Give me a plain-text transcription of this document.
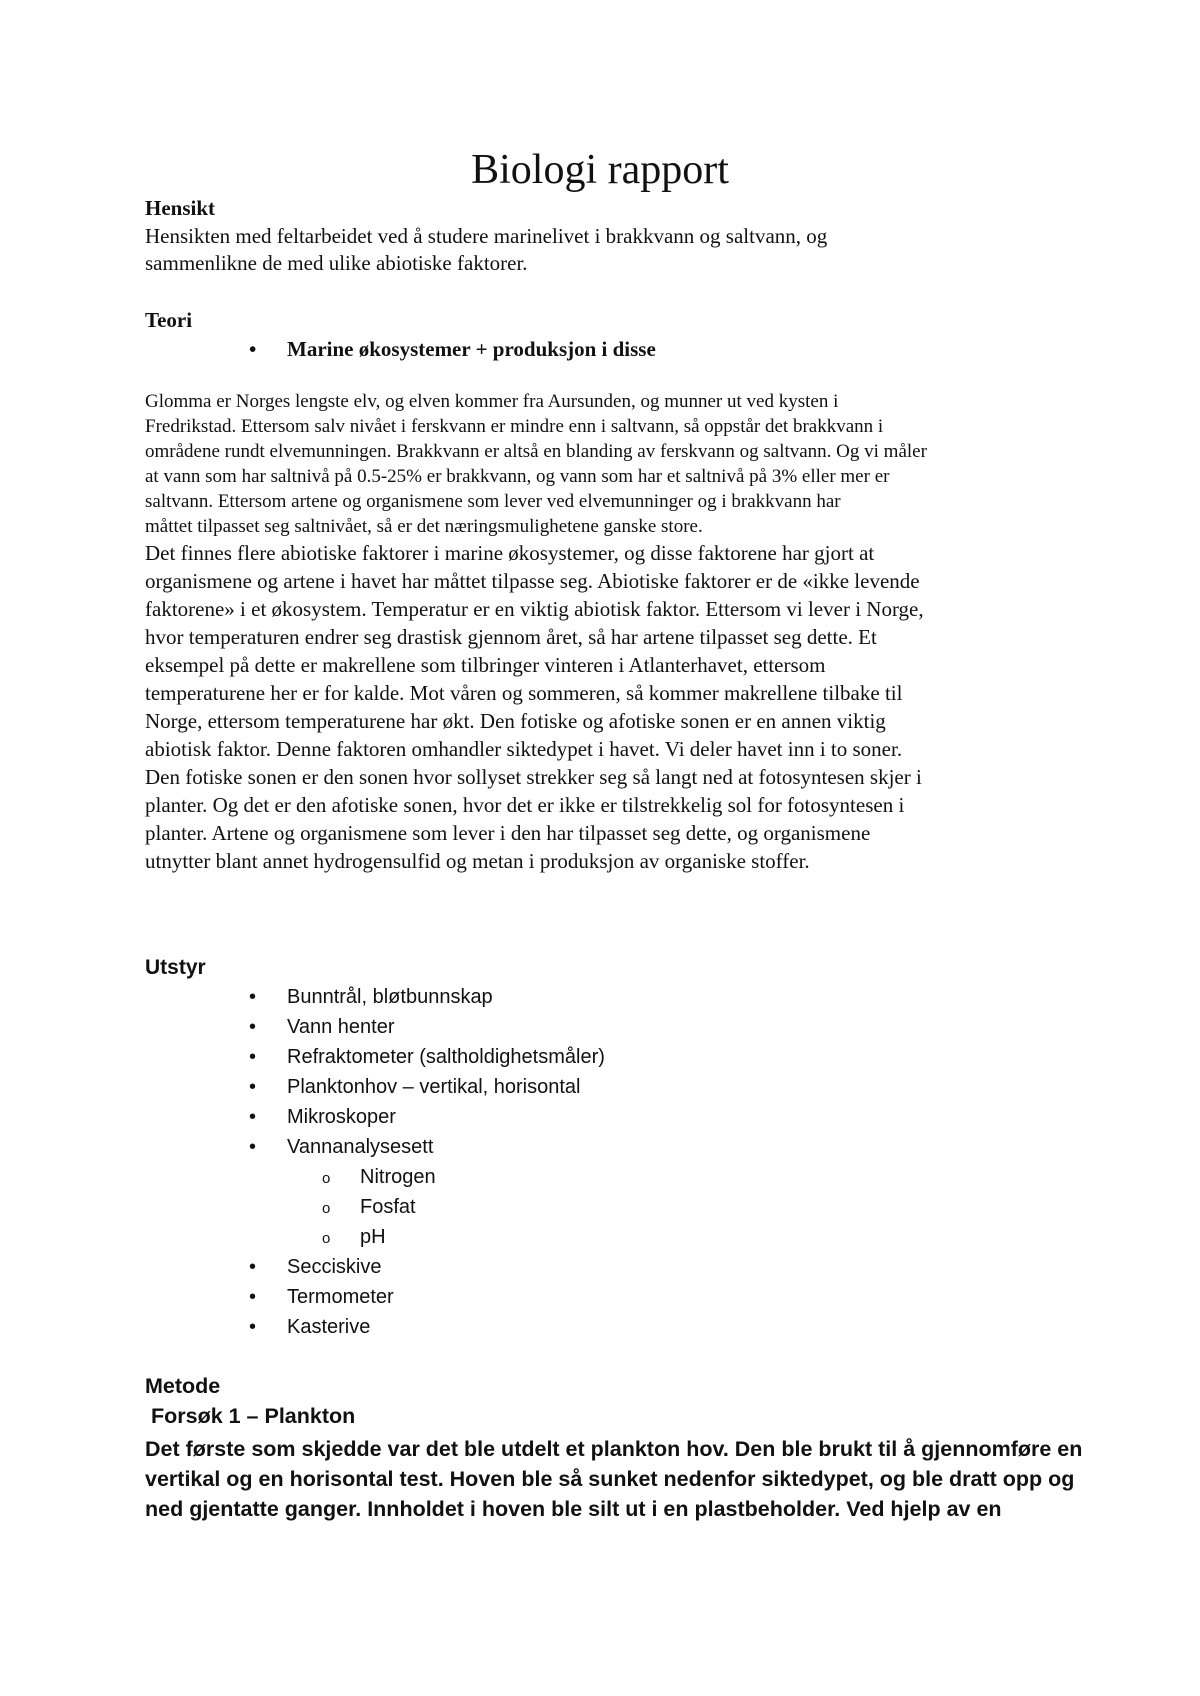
Biologi rapport
Hensikt
Hensikten med feltarbeidet ved å studere marinelivet i brakkvann og saltvann, og
sammenlikne de med ulike abiotiske faktorer.
Teori
• Marine økosystemer + produksjon i disse
Glomma er Norges lengste elv, og elven kommer fra Aursunden, og munner ut ved kysten i
Fredrikstad. Ettersom salv nivået i ferskvann er mindre enn i saltvann, så oppstår det brakkvann i
områdene rundt elvemunningen. Brakkvann er altså en blanding av ferskvann og saltvann. Og vi måler
at vann som har saltnivå på 0.5-25% er brakkvann, og vann som har et saltnivå på 3% eller mer er
saltvann. Ettersom artene og organismene som lever ved elvemunninger og i brakkvann har
måttet tilpasset seg saltnivået, så er det næringsmulighetene ganske store.
Det finnes flere abiotiske faktorer i marine økosystemer, og disse faktorene har gjort at
organismene og artene i havet har måttet tilpasse seg. Abiotiske faktorer er de «ikke levende
faktorene» i et økosystem. Temperatur er en viktig abiotisk faktor. Ettersom vi lever i Norge,
hvor temperaturen endrer seg drastisk gjennom året, så har artene tilpasset seg dette. Et
eksempel på dette er makrellene som tilbringer vinteren i Atlanterhavet, ettersom
temperaturene her er for kalde. Mot våren og sommeren, så kommer makrellene tilbake til
Norge, ettersom temperaturene har økt. Den fotiske og afotiske sonen er en annen viktig
abiotisk faktor. Denne faktoren omhandler siktedypet i havet. Vi deler havet inn i to soner.
Den fotiske sonen er den sonen hvor sollyset strekker seg så langt ned at fotosyntesen skjer i
planter. Og det er den afotiske sonen, hvor det er ikke er tilstrekkelig sol for fotosyntesen i
planter. Artene og organismene som lever i den har tilpasset seg dette, og organismene
utnytter blant annet hydrogensulfid og metan i produksjon av organiske stoffer.
Utstyr
• Bunntrål, bløtbunnskap
• Vann henter
• Refraktometer (saltholdighetsmåler)
• Planktonhov – vertikal, horisontal
• Mikroskoper
• Vannanalysesett
o Nitrogen
o Fosfat
o pH
• Secciskive
• Termometer
• Kasterive
Metode
Forsøk 1 – Plankton
Det første som skjedde var det ble utdelt et plankton hov. Den ble brukt til å gjennomføre en
vertikal og en horisontal test. Hoven ble så sunket nedenfor siktedypet, og ble dratt opp og
ned gjentatte ganger. Innholdet i hoven ble silt ut i en plastbeholder. Ved hjelp av en
